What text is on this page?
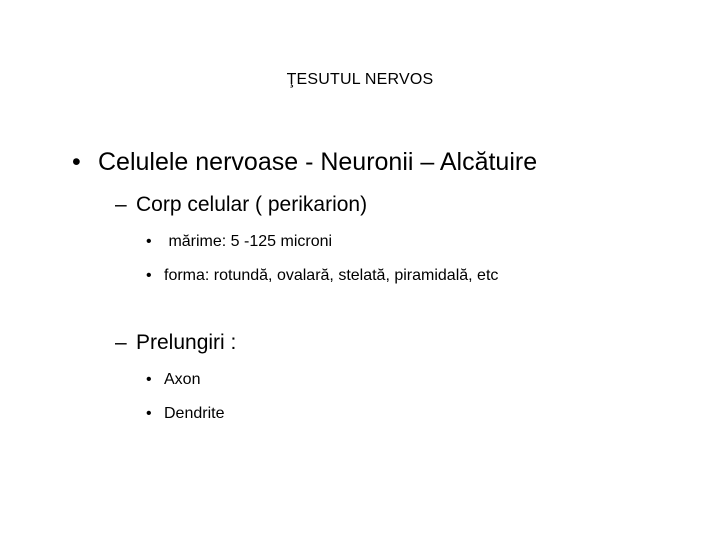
ŢESUTUL NERVOS
• Celulele nervoase - Neuronii – Alcătuire
– Corp celular ( perikarion)
• mărime: 5 -125 microni
• forma: rotundă, ovalară, stelată, piramidală, etc
– Prelungiri :
• Axon
• Dendrite
